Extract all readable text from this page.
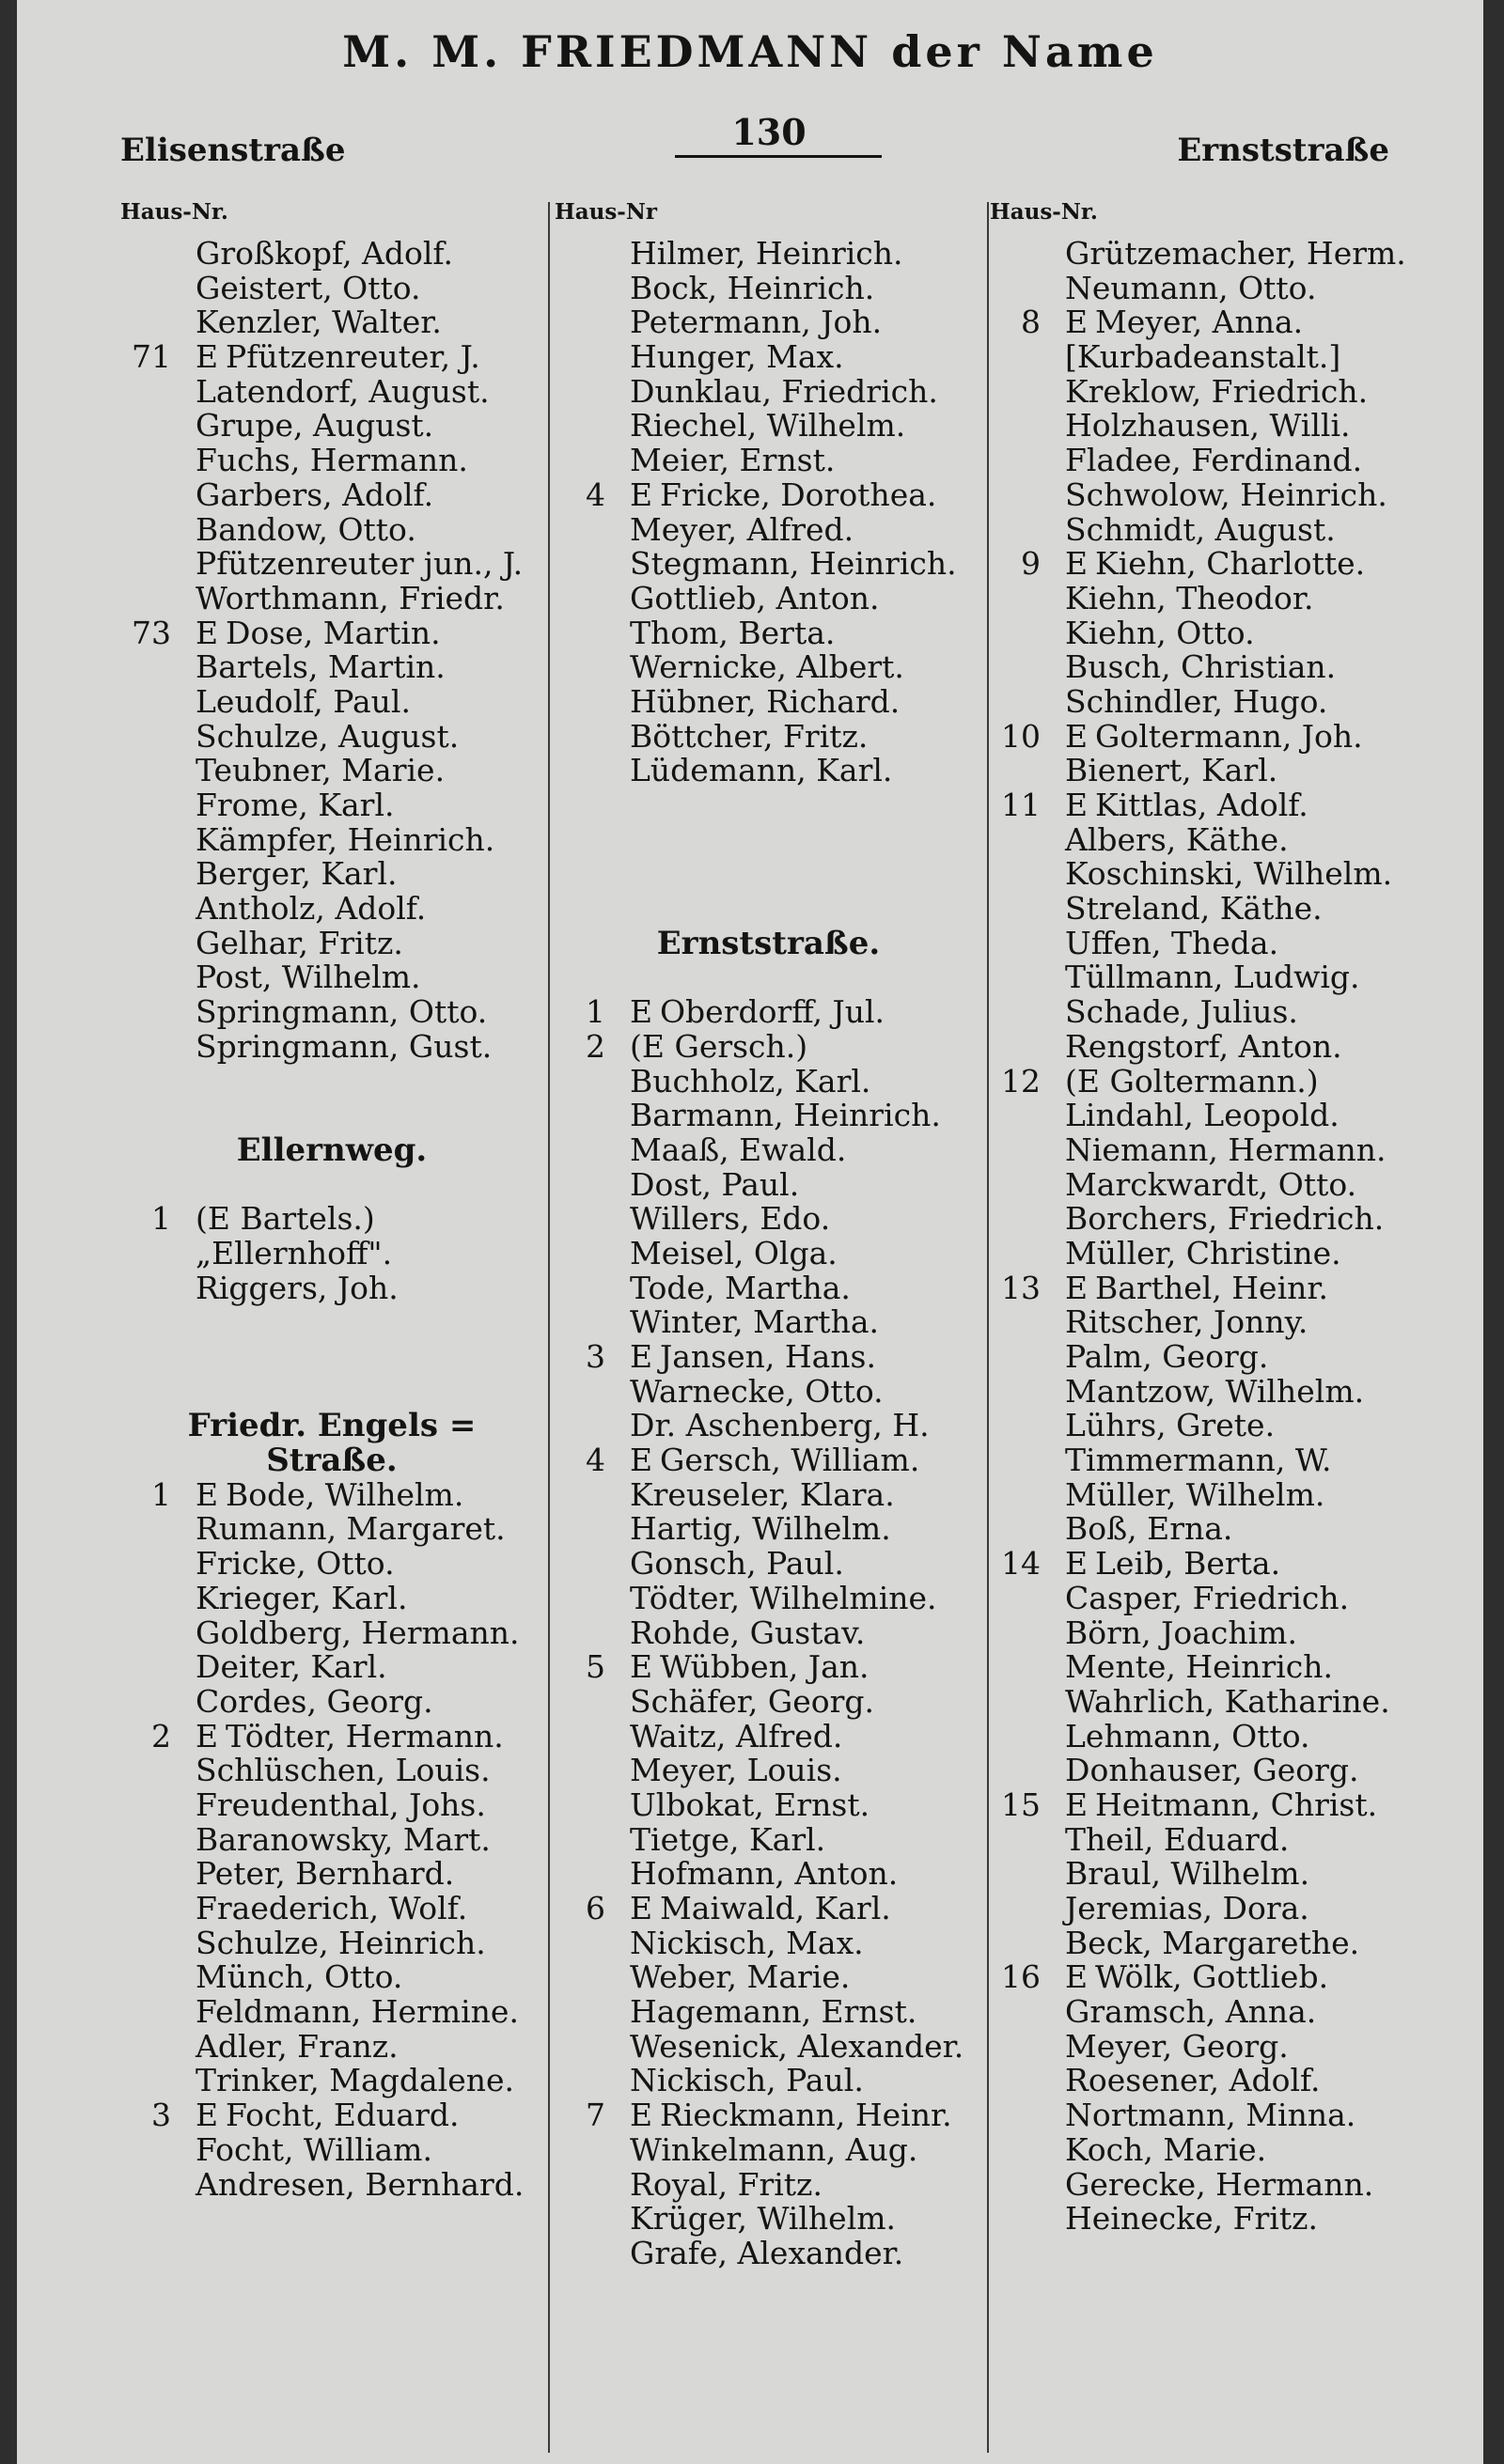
M. M. FRIEDMANN der Name
Elisenstraße	130	Ernststraße
Haus-Nr.
Großkopf, Adolf.
Geistert, Otto.
Kenzler, Walter.
71 E Pfützenreuter, J.
Latendorf, August.
Grupe, August.
Fuchs, Hermann.
Garbers, Adolf.
Bandow, Otto.
Pfützenreuter jun., J.
Worthmann, Friedr.
73 E Dose, Martin.
Bartels, Martin.
Leudolf, Paul.
Schulze, August.
Teubner, Marie.
Frome, Karl.
Kämpfer, Heinrich.
Berger, Karl.
Antholz, Adolf.
Gelhar, Fritz.
Post, Wilhelm.
Springmann, Otto.
Springmann, Gust.
Ellernweg.
1 (E Bartels.)
„Ellernhoff".
Riggers, Joh.
Friedr. Engels = Straße.
1 E Bode, Wilhelm.
Rumann, Margaret.
Fricke, Otto.
Krieger, Karl.
Goldberg, Hermann.
Deiter, Karl.
Cordes, Georg.
2 E Tödter, Hermann.
Schlüschen, Louis.
Freudenthal, Johs.
Baranowsky, Mart.
Peter, Bernhard.
Fraederich, Wolf.
Schulze, Heinrich.
Münch, Otto.
Feldmann, Hermine.
Adler, Franz.
Trinker, Magdalene.
3 E Focht, Eduard.
Focht, William.
Andresen, Bernhard.
Haus-Nr
Hilmer, Heinrich.
Bock, Heinrich.
Petermann, Joh.
Hunger, Max.
Dunklau, Friedrich.
Riechel, Wilhelm.
Meier, Ernst.
4 E Fricke, Dorothea.
Meyer, Alfred.
Stegmann, Heinrich.
Gottlieb, Anton.
Thom, Berta.
Wernicke, Albert.
Hübner, Richard.
Böttcher, Fritz.
Lüdemann, Karl.
Ernststraße.
1 E Oberdorff, Jul.
2 (E Gersch.)
Buchholz, Karl.
Barmann, Heinrich.
Maaß, Ewald.
Dost, Paul.
Willers, Edo.
Meisel, Olga.
Tode, Martha.
Winter, Martha.
3 E Jansen, Hans.
Warnecke, Otto.
Dr. Aschenberg, H.
4 E Gersch, William.
Kreuseler, Klara.
Hartig, Wilhelm.
Gonsch, Paul.
Tödter, Wilhelmine.
Rohde, Gustav.
5 E Wübben, Jan.
Schäfer, Georg.
Waitz, Alfred.
Meyer, Louis.
Ulbokat, Ernst.
Tietge, Karl.
Hofmann, Anton.
6 E Maiwald, Karl.
Nickisch, Max.
Weber, Marie.
Hagemann, Ernst.
Wesenick, Alexander.
Nickisch, Paul.
7 E Rieckmann, Heinr.
Winkelmann, Aug.
Royal, Fritz.
Krüger, Wilhelm.
Grafe, Alexander.
Haus-Nr.
Grützemacher, Herm.
Neumann, Otto.
8 E Meyer, Anna.
[Kurbadeanstalt.]
Kreklow, Friedrich.
Holzhausen, Willi.
Fladee, Ferdinand.
Schwolow, Heinrich.
Schmidt, August.
9 E Kiehn, Charlotte.
Kiehn, Theodor.
Kiehn, Otto.
Busch, Christian.
Schindler, Hugo.
10 E Goltermann, Joh.
Bienert, Karl.
11 E Kittlas, Adolf.
Albers, Käthe.
Koschinski, Wilhelm.
Streland, Käthe.
Uffen, Theda.
Tüllmann, Ludwig.
Schade, Julius.
Rengstorf, Anton.
12 (E Goltermann.)
Lindahl, Leopold.
Niemann, Hermann.
Marckwardt, Otto.
Borchers, Friedrich.
Müller, Christine.
13 E Barthel, Heinr.
Ritscher, Jonny.
Palm, Georg.
Mantzow, Wilhelm.
Lührs, Grete.
Timmermann, W.
Müller, Wilhelm.
Boß, Erna.
14 E Leib, Berta.
Casper, Friedrich.
Börn, Joachim.
Mente, Heinrich.
Wahrlich, Katharine.
Lehmann, Otto.
Donhauser, Georg.
15 E Heitmann, Christ.
Theil, Eduard.
Braul, Wilhelm.
Jeremias, Dora.
Beck, Margarethe.
16 E Wölk, Gottlieb.
Gramsch, Anna.
Meyer, Georg.
Roesener, Adolf.
Nortmann, Minna.
Koch, Marie.
Gerecke, Hermann.
Heinecke, Fritz.
